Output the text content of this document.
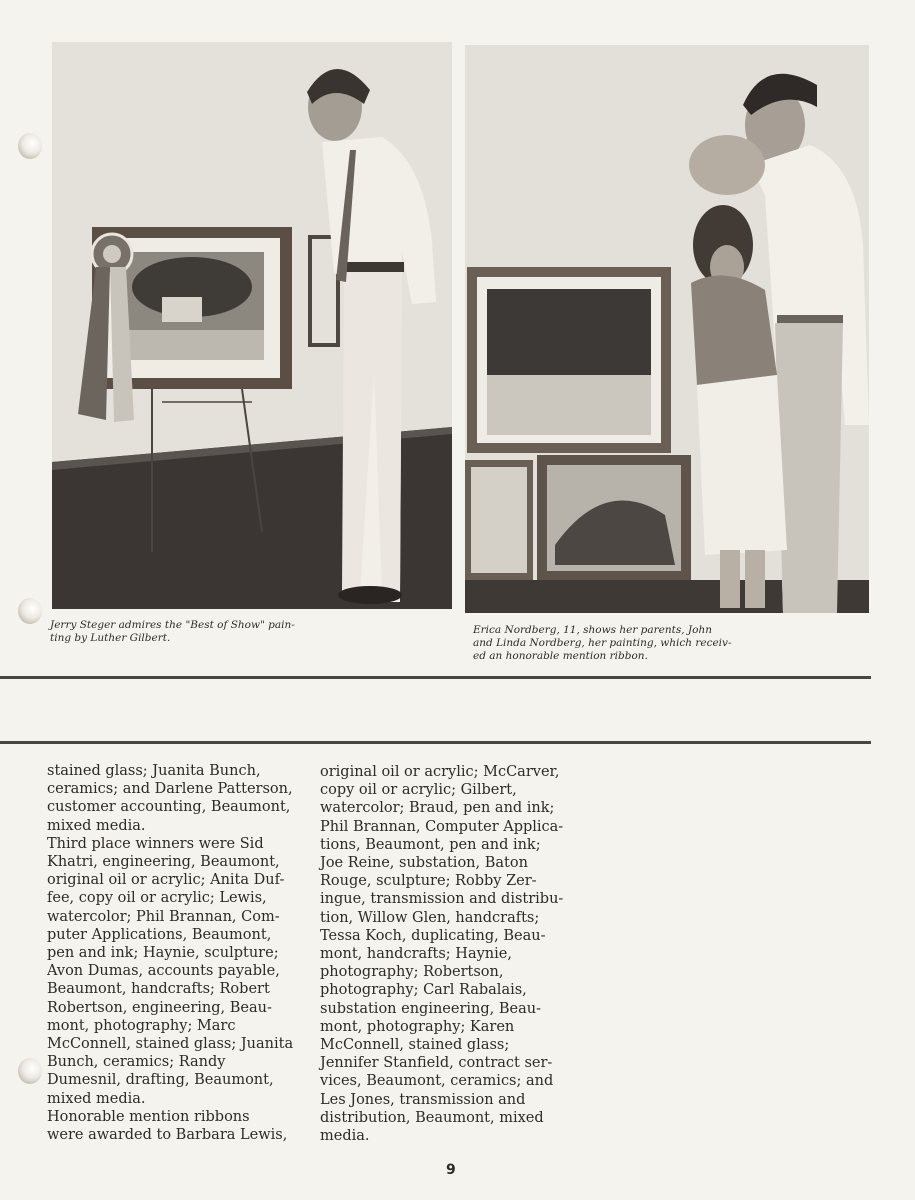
Jerry Steger admires the "Best of Show" pain-
ting by Luther Gilbert.
Erica Nordberg, 11, shows her parents, John
and Linda Nordberg, her painting, which receiv-
ed an honorable mention ribbon.

stained glass; Juanita Bunch,
ceramics; and Darlene Patterson,
customer accounting, Beaumont,
mixed media.

Third place winners were Sid
Khatri, engineering, Beaumont,
original oil or acrylic; Anita Duf-
fee, copy oil or acrylic; Lewis,
watercolor; Phil Brannan, Com-
puter Applications, Beaumont,
pen and ink; Haynie, sculpture;
Avon Dumas, accounts payable,
Beaumont, handcrafts; Robert
Robertson, engineering, Beau-
mont, photography; Marc
McConnell, stained glass; Juanita
Bunch, ceramics; Randy
Dumesnil, drafting, Beaumont,
mixed media.

Honorable mention ribbons
were awarded to Barbara Lewis,

original oil or acrylic; McCarver,
copy oil or acrylic; Gilbert,
watercolor; Braud, pen and ink;
Phil Brannan, Computer Applica-
tions, Beaumont, pen and ink;
Joe Reine, substation, Baton
Rouge, sculpture; Robby Zer-
ingue, transmission and distribu-
tion, Willow Glen, handcrafts;
Tessa Koch, duplicating, Beau-
mont, handcrafts; Haynie,
photography; Robertson,
photography; Carl Rabalais,
substation engineering, Beau-
mont, photography; Karen
McConnell, stained glass;
Jennifer Stanfield, contract ser-
vices, Beaumont, ceramics; and
Les Jones, transmission and
distribution, Beaumont, mixed
media.

9
